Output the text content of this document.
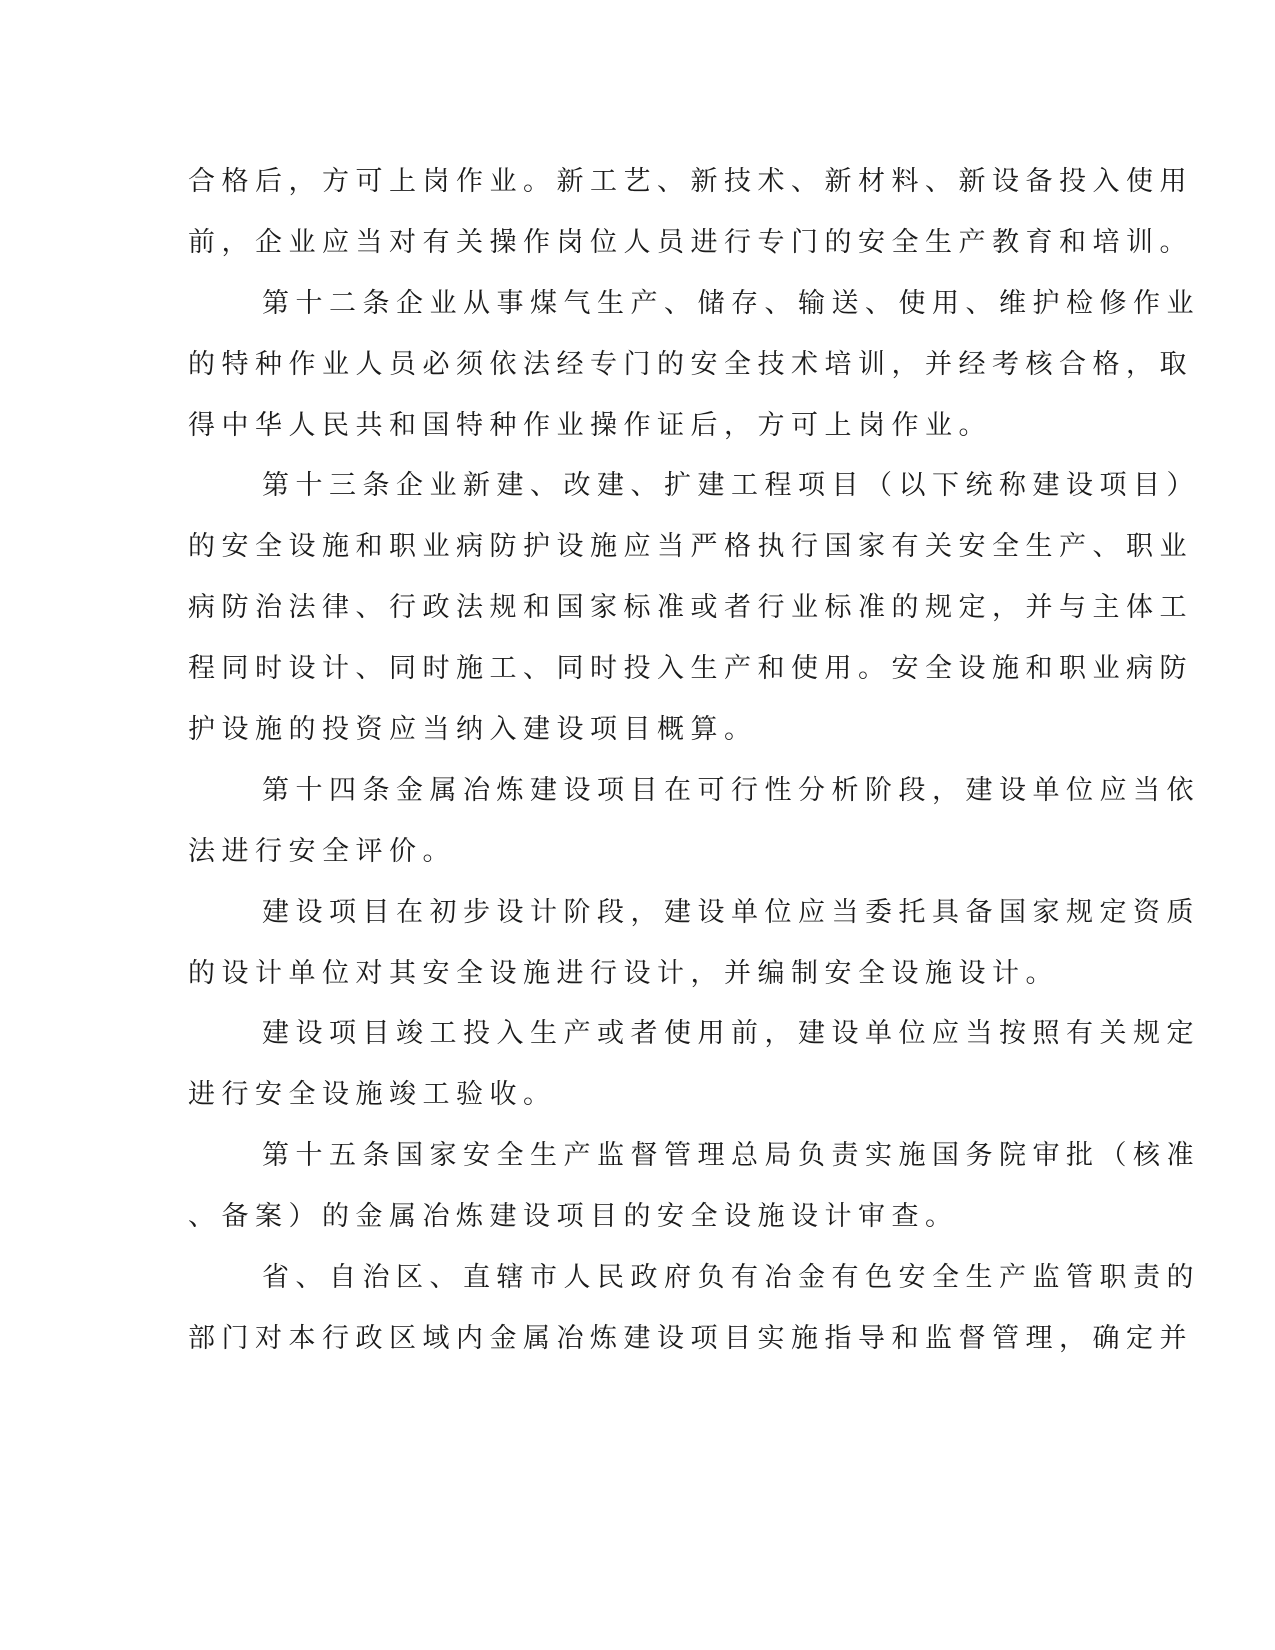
合格后，方可上岗作业。新工艺、新技术、新材料、新设备投入使用
前，企业应当对有关操作岗位人员进行专门的安全生产教育和培训。
第十二条企业从事煤气生产、储存、输送、使用、维护检修作业
的特种作业人员必须依法经专门的安全技术培训，并经考核合格，取
得中华人民共和国特种作业操作证后，方可上岗作业。
第十三条企业新建、改建、扩建工程项目（以下统称建设项目）
的安全设施和职业病防护设施应当严格执行国家有关安全生产、职业
病防治法律、行政法规和国家标准或者行业标准的规定，并与主体工
程同时设计、同时施工、同时投入生产和使用。安全设施和职业病防
护设施的投资应当纳入建设项目概算。
第十四条金属冶炼建设项目在可行性分析阶段，建设单位应当依
法进行安全评价。
建设项目在初步设计阶段，建设单位应当委托具备国家规定资质
的设计单位对其安全设施进行设计，并编制安全设施设计。
建设项目竣工投入生产或者使用前，建设单位应当按照有关规定
进行安全设施竣工验收。
第十五条国家安全生产监督管理总局负责实施国务院审批（核准
、备案）的金属冶炼建设项目的安全设施设计审查。
省、自治区、直辖市人民政府负有冶金有色安全生产监管职责的
部门对本行政区域内金属冶炼建设项目实施指导和监督管理，确定并
